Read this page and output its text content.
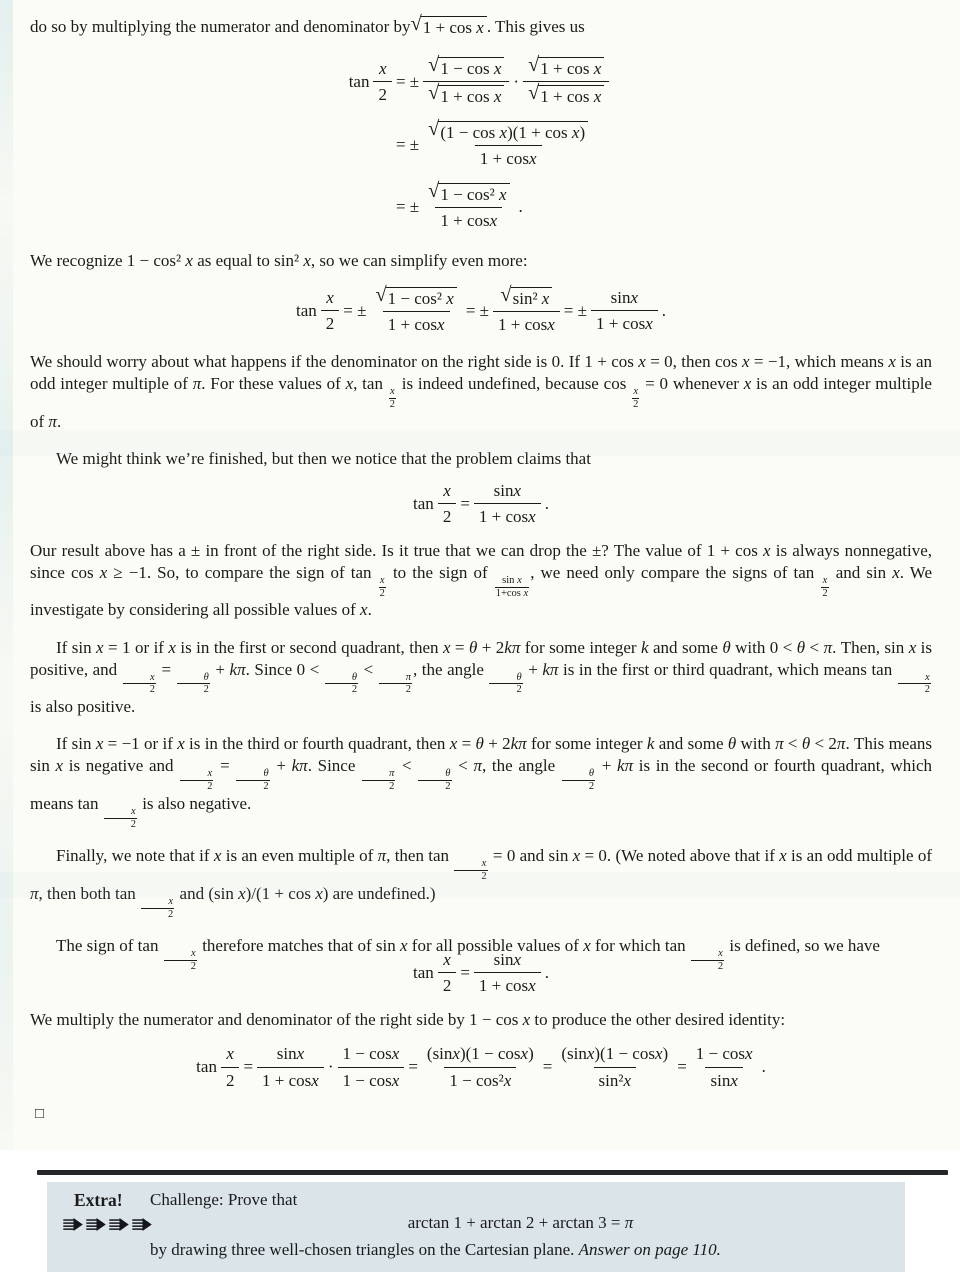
do so by multiplying the numerator and denominator by √ 1 + cos x . This gives us
$\tan \frac{x}{2}$ = ± $\frac{\text{√ 1 − cos x}}{\text{√ 1 + cos x}} \cdot \frac{\text{√ 1 + cos x}}{\text{√ 1 + cos x}}$
= ± $\frac{\text{√ (1 − cos x)(1 + cos x)}}{\text{1 + cos x}}$
= ± $\frac{\text{√ 1 − cos² x}}{\text{1 + cos x}}$ .

We recognize 1 − cos² x as equal to sin² x, so we can simplify even more:

$\tan \frac{x}{2}$ = ± $\frac{\text{√ 1 − cos² x}}{\text{1 + cos x}}$ = ± $\frac{\text{√ sin² x}}{\text{1 + cos x}}$ = ± $\frac{\text{sin x}}{\text{1 + cos x}}$ .

We should worry about what happens if the denominator on the right side is 0. If 1 + cos x = 0, then cos x = −1, which means x is an odd integer multiple of π. For these values of x, tan
$\frac{x}{2}$
is indeed undefined, because cos
$\frac{x}{2}$
= 0 whenever x is an odd integer multiple of π.

We might think we’re finished, but then we notice that the problem claims that

$\tan \frac{x}{2} = \frac{\text{sin x}}{\text{1 + cos x}}$ .

Our result above has a ± in front of the right side. Is it true that we can drop the ±? The value of 1 + cos x is always nonnegative, since cos x ≥ −1. So, to compare the sign of tan
$\frac{x}{2}$
to the sign of
$\frac{\text{sin x}}{\text{1+cos x}}$
, we need only compare the signs of tan
$\frac{x}{2}$
and sin x. We investigate by considering all possible values of x.

If sin x = 1 or if x is in the first or second quadrant, then x = θ + 2kπ for some integer k and some θ with 0 < θ < π. Then, sin x is positive, and
$\frac{x}{2}$
=
$\frac{\theta}{2}$
+ kπ. Since 0 <
$\frac{\theta}{2}$
<
$\frac{\pi}{2}$
, the angle
$\frac{\theta}{2}$
+ kπ is in the first or third quadrant, which means tan
$\frac{x}{2}$
is also positive.

If sin x = −1 or if x is in the third or fourth quadrant, then x = θ + 2kπ for some integer k and some θ with π < θ < 2π. This means sin x is negative and
$\frac{x}{2}$
=
$\frac{\theta}{2}$
+ kπ. Since
$\frac{\pi}{2}$
<
$\frac{\theta}{2}$
< π, the angle
$\frac{\theta}{2}$
+ kπ is in the second or fourth quadrant, which means tan
$\frac{x}{2}$
is also negative.

Finally, we note that if x is an even multiple of π, then tan
$\frac{x}{2}$
= 0 and sin x = 0. (We noted above that if x is an odd multiple of π, then both tan
$\frac{x}{2}$
and (sin x)/(1 + cos x) are undefined.)

The sign of tan
$\frac{x}{2}$
therefore matches that of sin x for all possible values of x for which tan
$\frac{x}{2}$
is defined, so we have

$\tan \frac{x}{2} = \frac{\text{sin x}}{\text{1 + cos x}}$ .

We multiply the numerator and denominator of the right side by 1 − cos x to produce the other desired identity:

$\tan \frac{x}{2} = \frac{\text{sin x}}{\text{1 + cos x}} \cdot \frac{\text{1 − cos x}}{\text{1 − cos x}} = \frac{\text{(sin x )(1 − cos x )}}{\text{1 − cos² x}} = \frac{\text{(sin x )(1 − cos x )}}{\text{sin² x}} = \frac{\text{1 − cos x}}{\text{sin x}}$ .
□
Extra! Challenge: Prove that
arctan 1 + arctan 2 + arctan 3 = π
by drawing three well-chosen triangles on the Cartesian plane. Answer on page 110.
